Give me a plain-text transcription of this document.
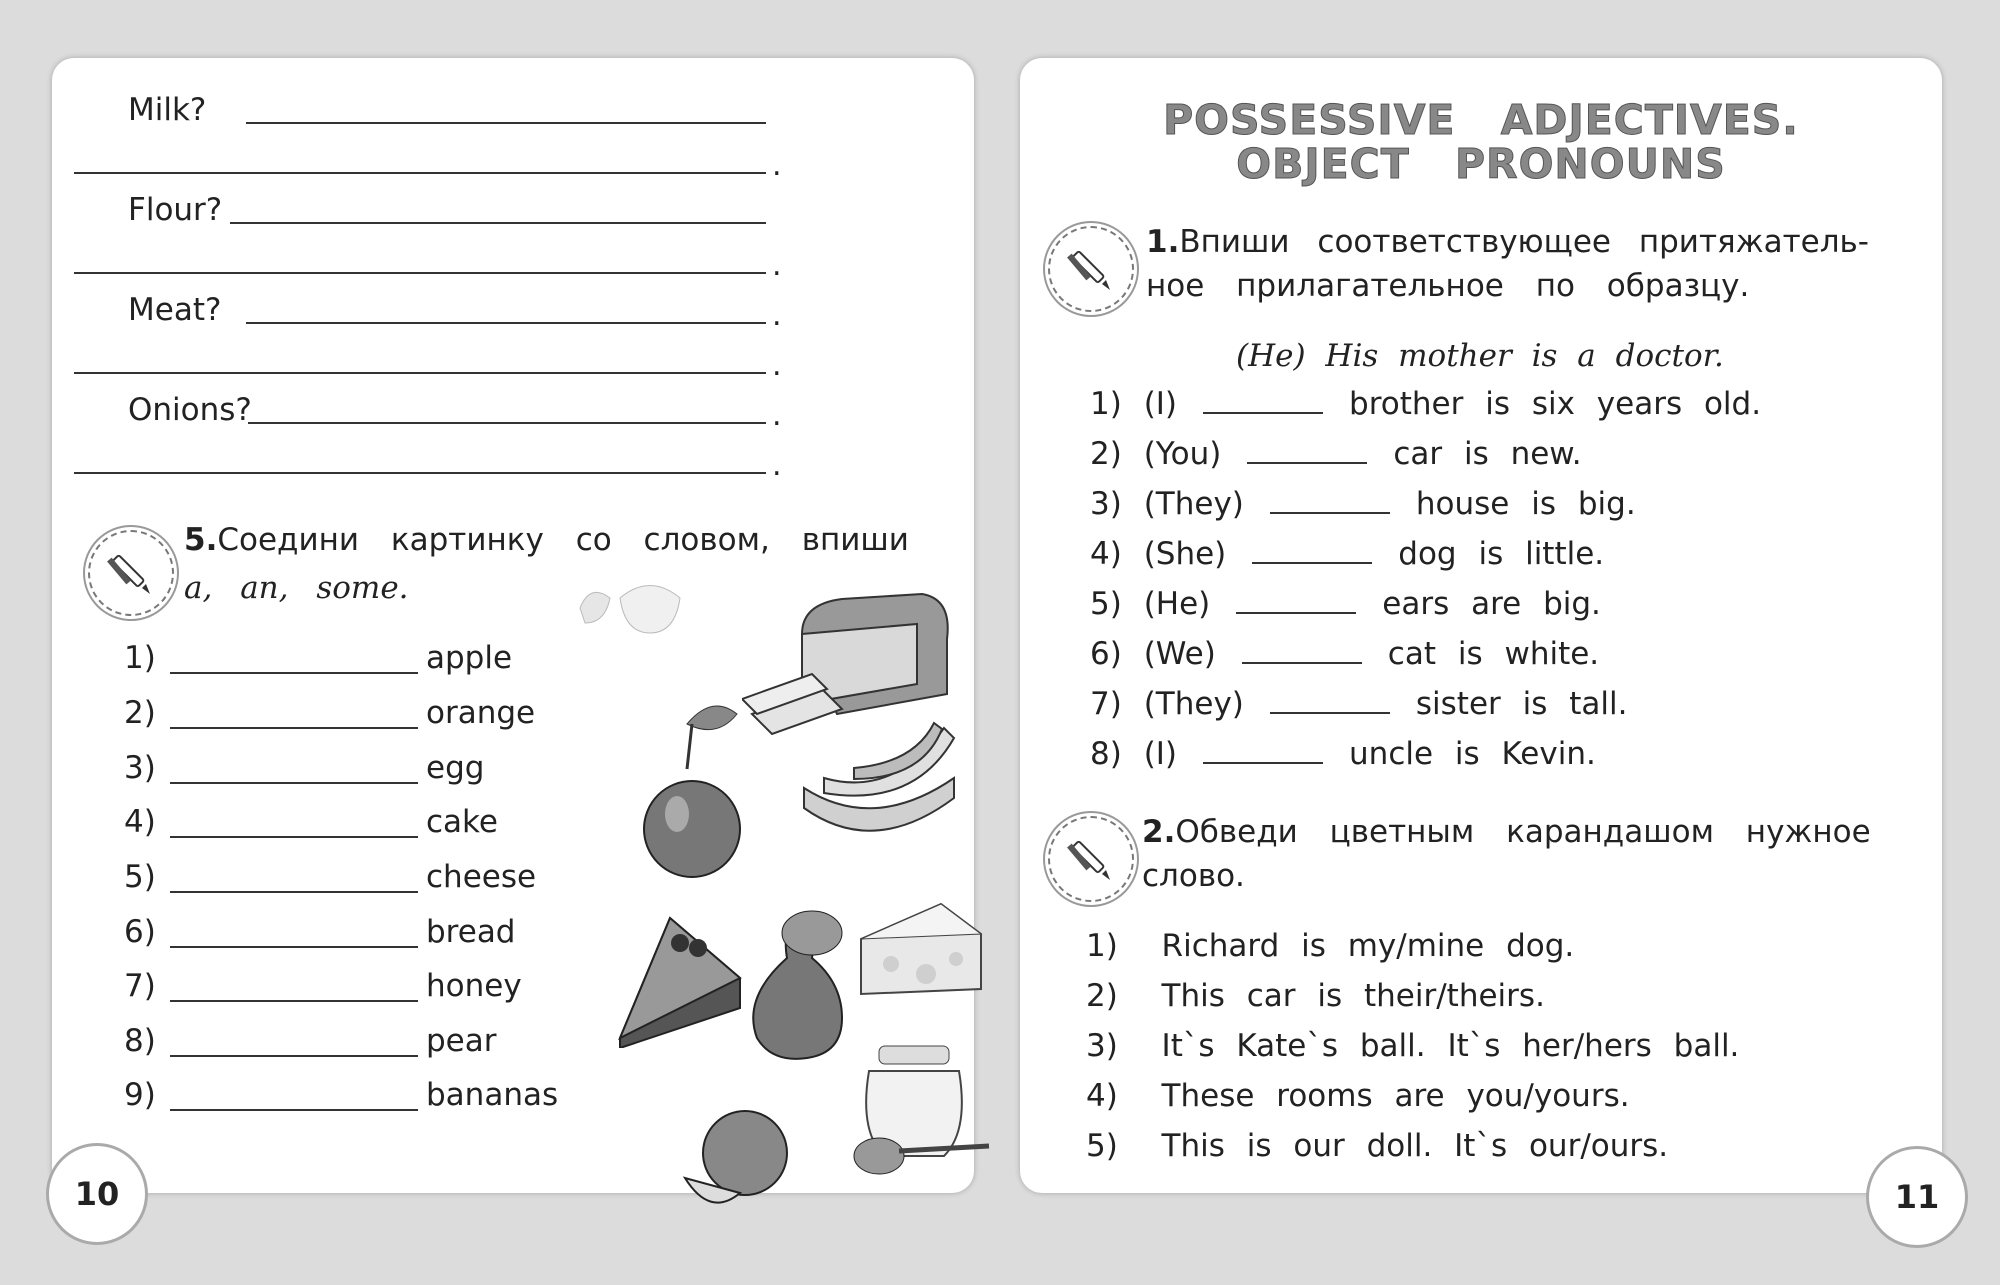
Milk?
.
Flour?
.
Meat?	.
.
Onions?	.
.
5.Соедини картинку со словом, впиши
a, an, some.
1)	apple
2)	orange
3)	egg
4)	cake
5)	cheese
6)	bread
7)	honey
8)	pear
9)	bananas
10
POSSESSIVE ADJECTIVES.
OBJECT PRONOUNS
1.Впиши соответствующее притяжатель-
ное прилагательное по образцу.
(He) His mother is a doctor.
1) (I)	brother is six years old.
2) (You)	car is new.
3) (They)	house is big.
4) (She)	dog is little.
5) (He)	ears are big.
6) (We)	cat is white.
7) (They)	sister is tall.
8) (I)	uncle is Kevin.
2.Обведи цветным карандашом нужное
слово.
1) Richard is my/mine dog.
2) This car is their/theirs.
3) It`s Kate`s ball. It`s her/hers ball.
4) These rooms are you/yours.
5) This is our doll. It`s our/ours.
11
